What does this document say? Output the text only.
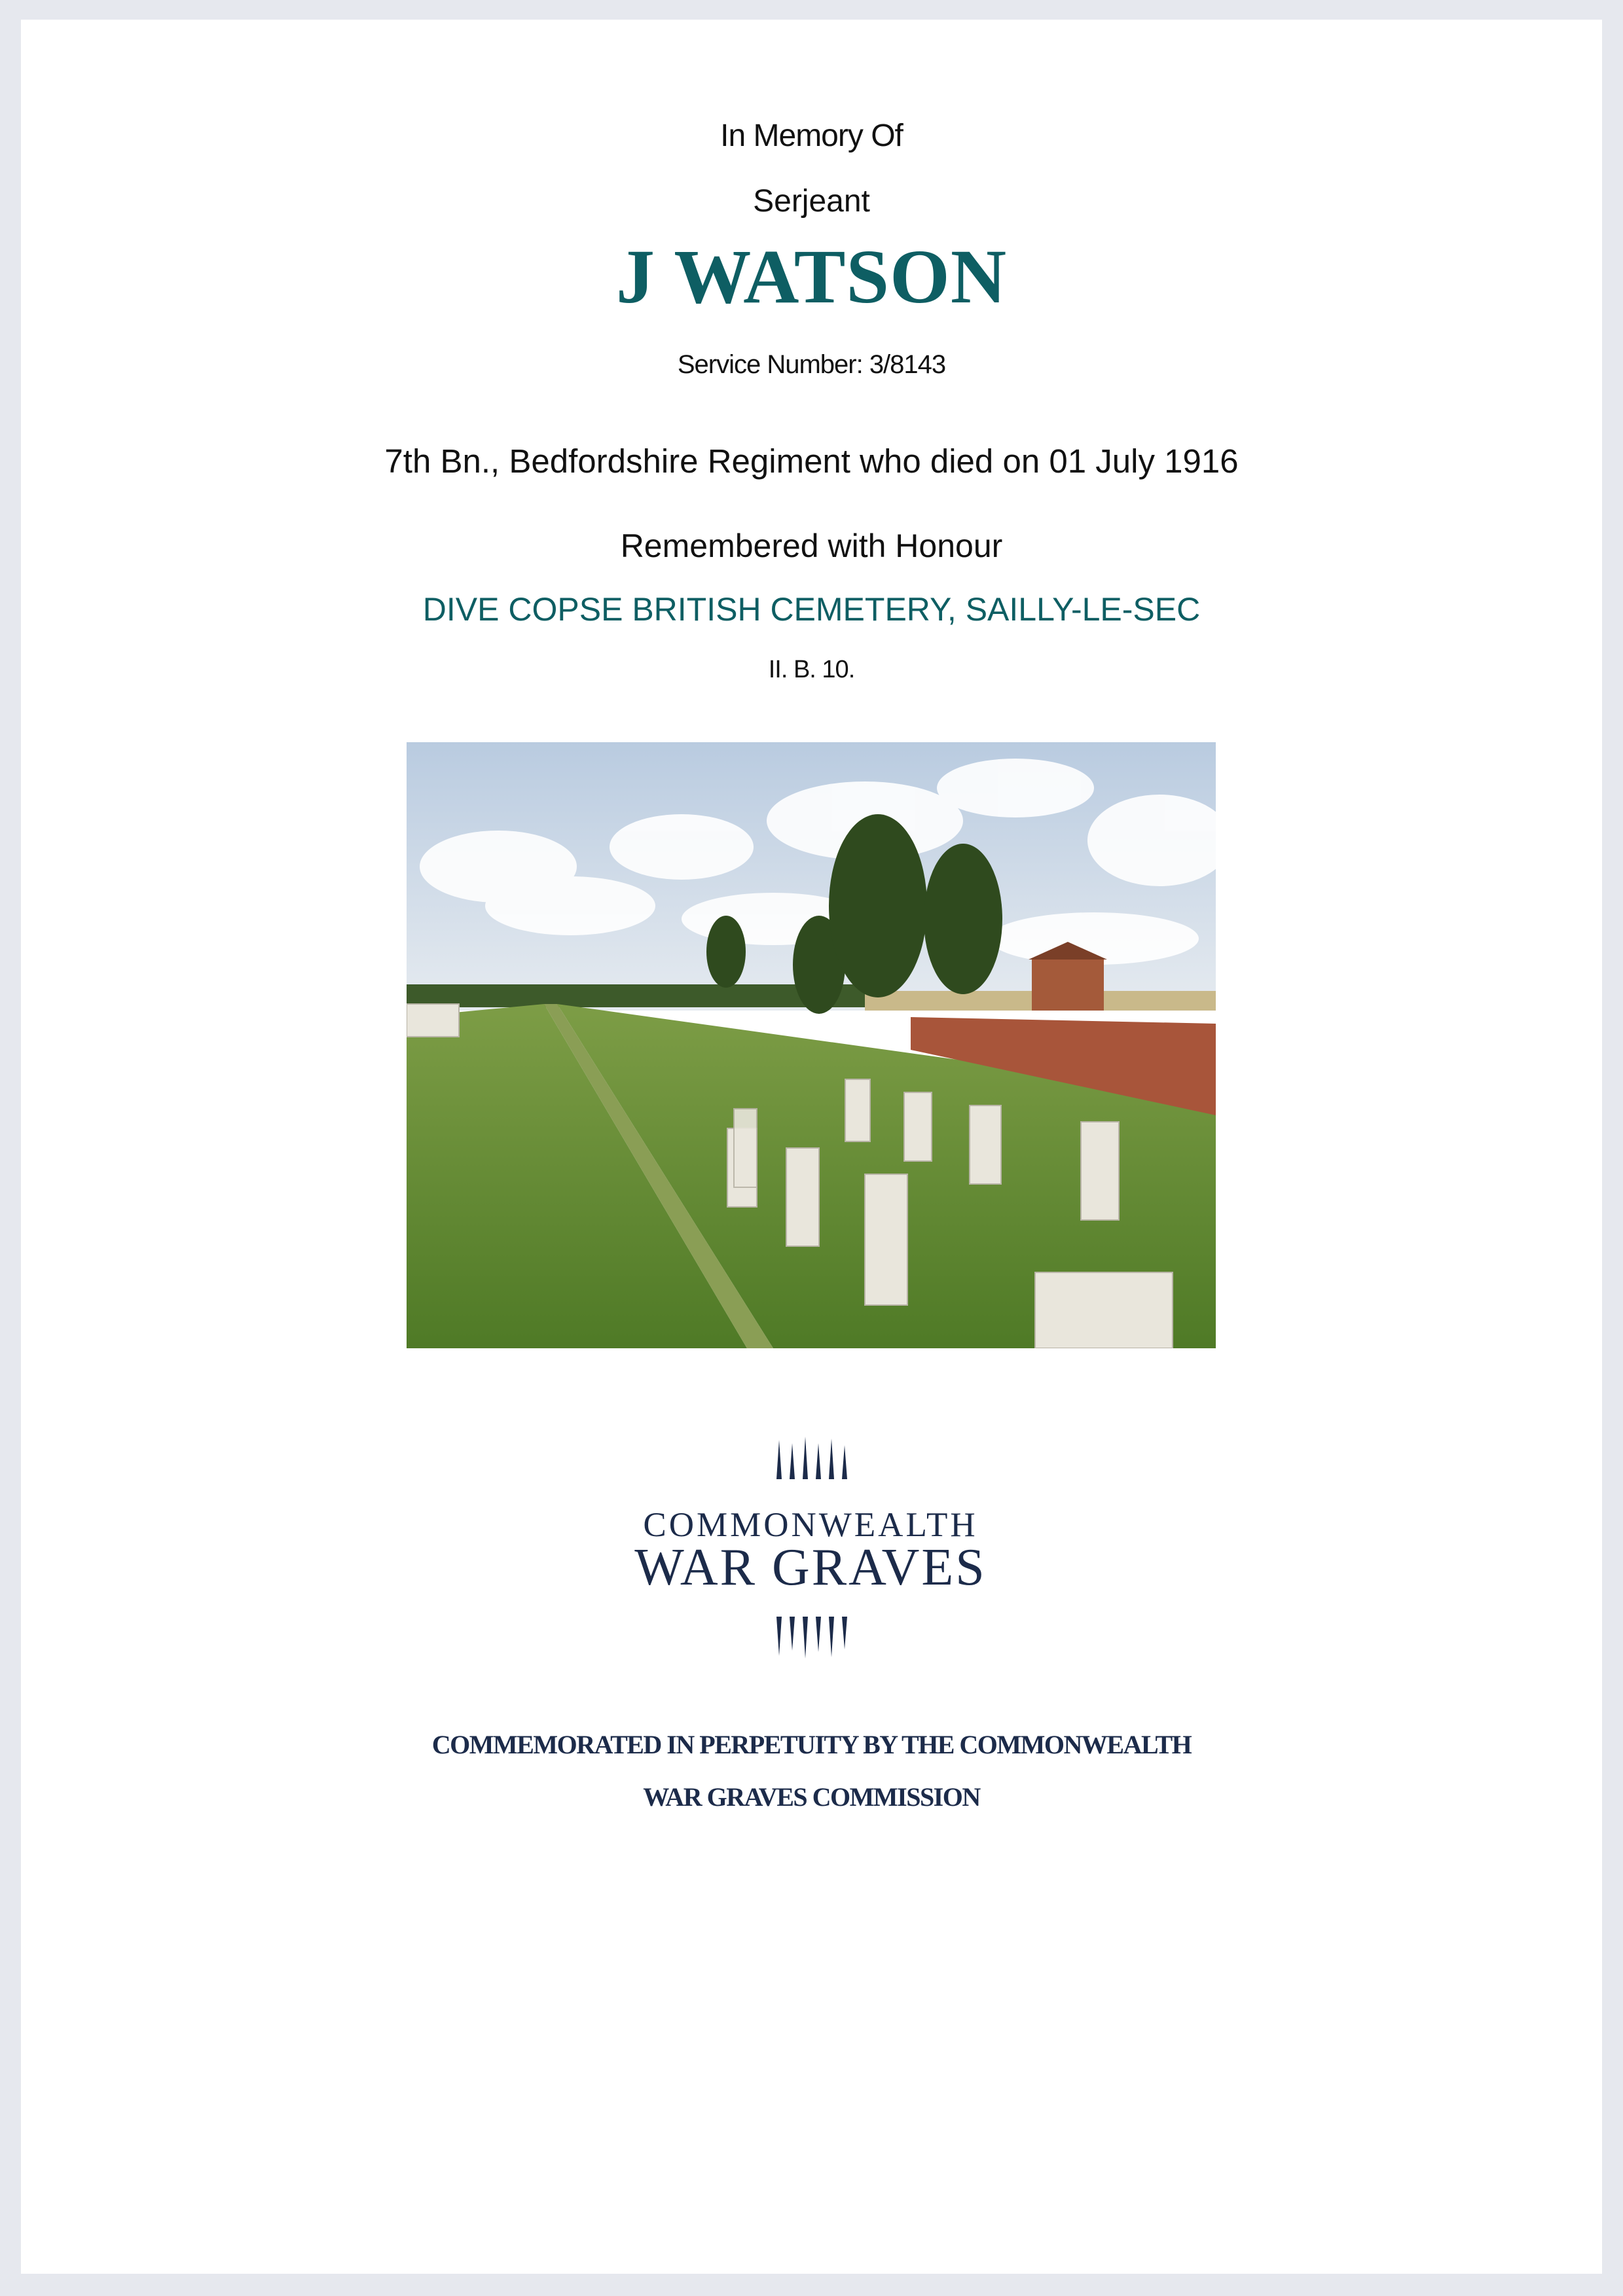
In Memory Of
Serjeant
J WATSON
Service Number: 3/8143
7th Bn., Bedfordshire Regiment who died on 01 July 1916
Remembered with Honour
DIVE COPSE BRITISH CEMETERY, SAILLY-LE-SEC
II. B. 10.
COMMONWEALTH
WAR GRAVES
COMMEMORATED IN PERPETUITY BY THE COMMONWEALTH
WAR GRAVES COMMISSION
